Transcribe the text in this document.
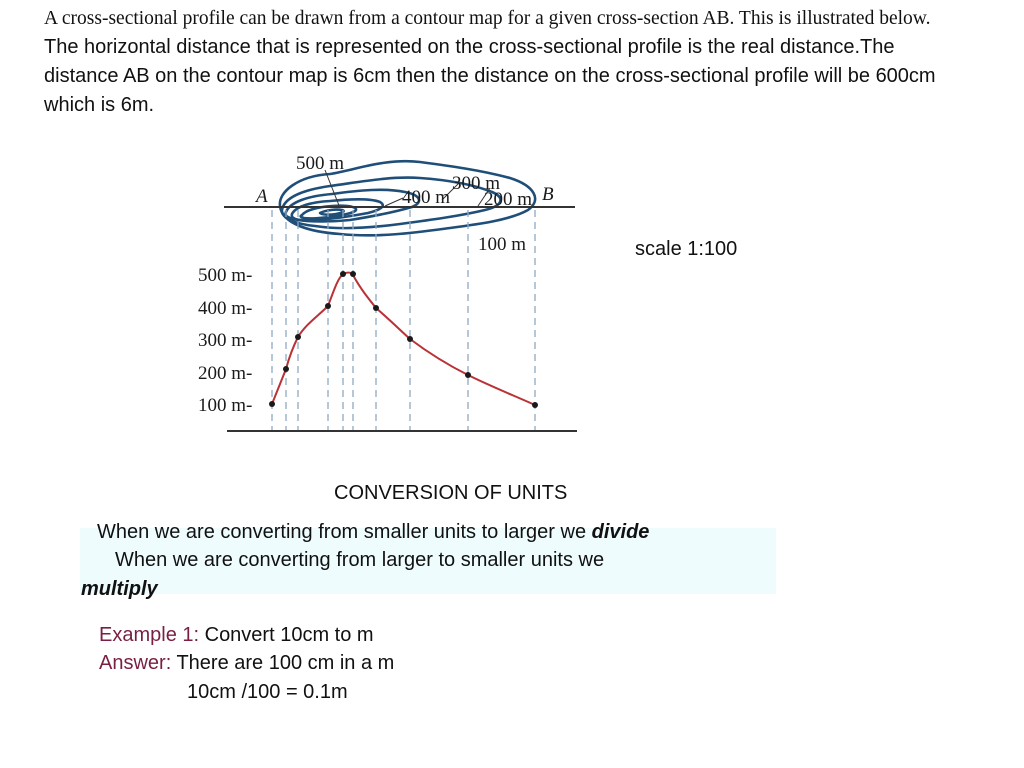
A cross-sectional profile can be drawn from a contour map for a given cross-section AB. This is illustrated below. The horizontal distance that is represented on the cross-sectional profile is the real distance.The distance AB on the contour map is 6cm then the distance on the cross-sectional profile will be 600cm which is 6m.
500 m
300 m
400 m 200 m
100 m
A	B
500 m-
400 m-
300 m-
200 m-
100 m-
scale 1:100
CONVERSION OF UNITS
When we are converting from smaller units to larger we divide
When we are converting from larger to smaller units we
multiply
Example 1: Convert 10cm to m
Answer: There are 100 cm in a m
10cm /100 = 0.1m
